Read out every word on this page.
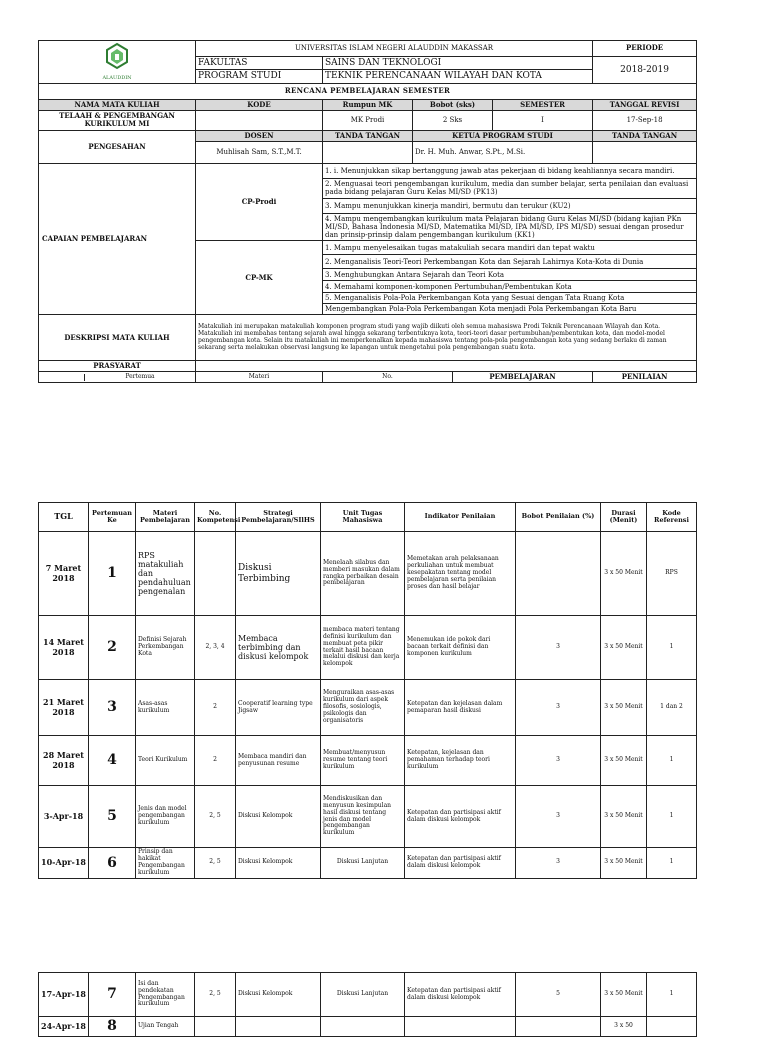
ALAUDDIN	UNIVERSITAS ISLAM NEGERI ALAUDDIN MAKASSAR					PERIODE
	FAKULTAS	SAINS DAN TEKNOLOGI				2018-2019
	PROGRAM STUDI	TEKNIK PERENCANAAN WILAYAH DAN KOTA				
RENCANA PEMBELAJARAN SEMESTER						
NAMA MATA KULIAH	KODE	Rumpun MK	Bobot (sks)		SEMESTER	TANGGAL REVISI
TELAAH & PENGEMBANGAN KURIKULUM MI		MK Prodi	2 Sks		I	17-Sep-18
PENGESAHAN	DOSEN	TANDA TANGAN	KETUA PROGRAM STUDI			TANDA TANGAN
	Muhlisah Sam, S.T.,M.T.		Dr. H. Muh. Anwar, S.Pt., M.Si.			
CAPAIAN PEMBELAJARAN	CP-Prodi	1. i. Menunjukkan sikap bertanggung jawab atas pekerjaan di bidang keahliannya secara mandiri.				
		2. Menguasai teori pengembangan kurikulum, media dan sumber belajar, serta penilaian dan evaluasi pada bidang pelajaran Guru Kelas MI/SD (PK13)				
		3. Mampu menunjukkan kinerja mandiri, bermutu dan terukur (KU2)				
		4. Mampu mengembangkan kurikulum mata Pelajaran bidang Guru Kelas MI/SD (bidang kajian PKn MI/SD, Bahasa Indonesia MI/SD, Matematika MI/SD, IPA MI/SD, IPS MI/SD) sesuai dengan prosedur dan prinsip-prinsip dalam pengembangan kurikulum (KK1)				
	CP-MK	1. Mampu menyelesaikan tugas matakuliah secara mandiri dan tepat waktu				
		2. Menganalisis Teori-Teori Perkembangan Kota dan Sejarah Lahirnya Kota-Kota di Dunia				
		3. Menghubungkan Antara Sejarah dan Teori Kota				
		4. Memahami komponen-komponen Pertumbuhan/Pembentukan Kota				
		5. Menganalisis Pola-Pola Perkembangan Kota yang Sesuai dengan Tata Ruang Kota				
		Mengembangkan Pola-Pola Perkembangan Kota menjadi Pola Perkembangan Kota Baru				
DESKRIPSI MATA KULIAH	Matakuliah ini merupakan matakuliah komponen program studi yang wajib diikuti oleh semua mahasiswa Prodi Teknik Perencanaan Wilayah dan Kota. Matakuliah ini membahas tentang sejarah awal hingga sekarang terbentuknya kota, teori-teori dasar pertumbuhan/pembentukan kota, dan model-model pengembangan kota. Selain itu matakuliah ini memperkenalkan kepada mahasiswa tentang pola-pola pengembangan kota yang sedang berlaku di zaman sekarang serta melakukan observasi langsung ke lapangan untuk mengetahui pola pengembangan suatu kota.					
PRASYARAT						

Pertemua	Materi	No.		PEMBELAJARAN		PENILAIAN
TGL	Pertemuan Ke	Materi Pembelajaran	No. Kompetensi	Strategi Pembelajaran/SIlHS	Unit Tugas Mahasiswa	Indikator Penilaian	Bobot Penilaian (%)	Durasi (Menit)	Kode Referensi
7 Maret 2018	1	RPS matakuliah dan pendahuluan pengenalan		Diskusi Terbimbing	Menelaah silabus dan memberi masukan dalam rangka perbaikan desain pembelajaran	Memetakan arah pelaksanaan perkuliahan untuk membuat kesepakatan tentang model pembelajaran serta penilaian proses dan hasil belajar		3 x 50 Menit	RPS
14 Maret 2018	2	Definisi Sejarah Perkembangan Kota	2, 3, 4	Membaca terbimbing dan diskusi kelompok	membaca materi tentang definisi kurikulum dan membuat peta pikir terkait hasil bacaan melalui diskusi dan kerja kelompok	Menemukan ide pokok dari bacaan terkait definisi dan komponen kurikulum	3	3 x 50 Menit	1
21 Maret 2018	3	Asas-asas kurikulum	2	Cooperatif learning type Jigsaw	Menguraikan asas-asas kurikulum dari aspek filosofis, sosiologis, psikologis dan organisatoris	Ketepatan dan kejelasan dalam pemaparan hasil diskusi	3	3 x 50 Menit	1 dan 2
28 Maret 2018	4	Teori Kurikulum	2	Membaca mandiri dan penyusunan resume	Membuat/menyusun resume tentang teori kurikulum	Ketepatan, kejelasan dan pemahaman terhadap teori kurikulum	3	3 x 50 Menit	1
3-Apr-18	5	Jenis dan model pengembangan kurikulum	2, 5	Diskusi Kelompok	Mendiskusikan dan menyusun kesimpulan hasil diskusi tentang jenis dan model pengembangan kurikulum	Ketepatan dan partisipasi aktif dalam diskusi kelompok	3	3 x 50 Menit	1
10-Apr-18	6	Prinsip dan hakikat Pengembangan kurikulum	2, 5	Diskusi Kelompok	Diskusi Lanjutan	Ketepatan dan partisipasi aktif dalam diskusi kelompok	3	3 x 50 Menit	1
17-Apr-18	7	Isi dan pendekatan Pengembangan kurikulum	2, 5	Diskusi Kelompok	Diskusi Lanjutan	Ketepatan dan partisipasi aktif dalam diskusi kelompok	5	3 x 50 Menit	1
24-Apr-18	8	Ujian Tengah						3 x 50	
